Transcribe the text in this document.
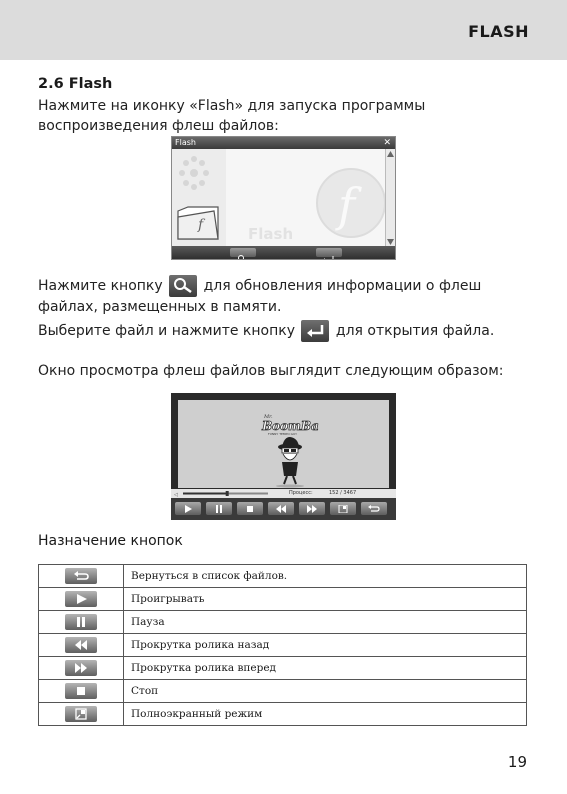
FLASH
2.6 Flash
Нажмите на иконку «Flash» для запуска программы
воспроизведения флеш файлов:
Flash	✕
f	f
Flash
Нажмите кнопку	для обновления информации о флеш
файлах, размещенных в памяти.
Выберите файл и нажмите кнопку	для открытия файла.
Окно просмотра флеш файлов выглядит следующим образом:
Mr.
BoomBa
FUNNY TEMPO GUY
◁	Процесс:	152 / 3467
Назначение кнопок
	Вернуться в список файлов.

	Проигрывать

	Пауза

	Прокрутка ролика назад

	Прокрутка ролика вперед

	Стоп

	Полноэкранный режим
19
